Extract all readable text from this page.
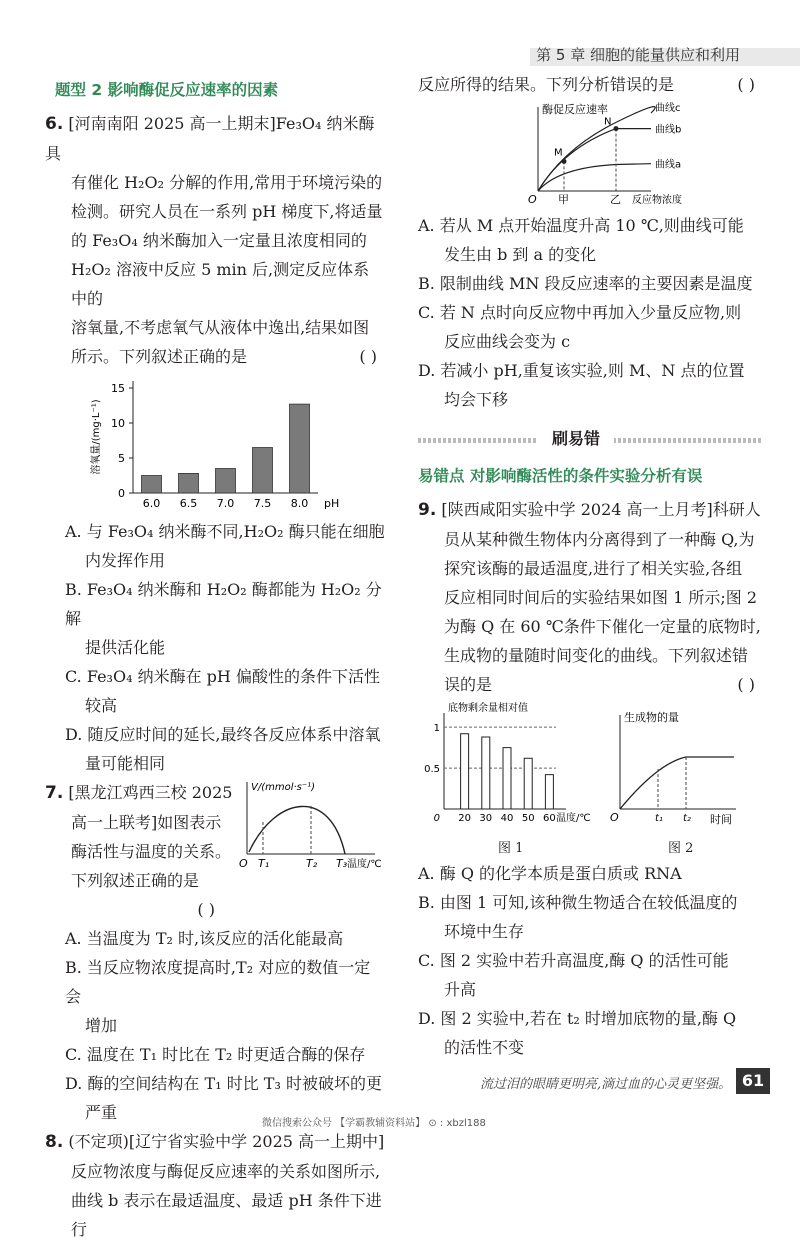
第 5 章 细胞的能量供应和利用
题型 2 影响酶促反应速率的因素

6. [河南南阳 2025 高一上期末]Fe₃O₄ 纳米酶具

有催化 H₂O₂ 分解的作用,常用于环境污染的

检测。研究人员在一系列 pH 梯度下,将适量

的 Fe₃O₄ 纳米酶加入一定量且浓度相同的

H₂O₂ 溶液中反应 5 min 后,测定反应体系中的

溶氧量,不考虑氧气从液体中逸出,结果如图

所示。下列叙述正确的是	( )

0
5
10
15
溶氧量/(mg·L⁻¹)
6.0 6.5 7.0 7.5 8.0 pH

A. 与 Fe₃O₄ 纳米酶不同,H₂O₂ 酶只能在细胞

内发挥作用

B. Fe₃O₄ 纳米酶和 H₂O₂ 酶都能为 H₂O₂ 分解

提供活化能

C. Fe₃O₄ 纳米酶在 pH 偏酸性的条件下活性

较高

D. 随反应时间的延长,最终各反应体系中溶氧

量可能相同

7. [黑龙江鸡西三校 2025

高一上联考]如图表示

酶活性与温度的关系。

下列叙述正确的是

( )

V/(mmol·s⁻¹)
O T₁	T₂ T₃ 温度/℃

A. 当温度为 T₂ 时,该反应的活化能最高

B. 当反应物浓度提高时,T₂ 对应的数值一定会

增加

C. 温度在 T₁ 时比在 T₂ 时更适合酶的保存

D. 酶的空间结构在 T₁ 时比 T₃ 时被破坏的更

严重

8. (不定项)[辽宁省实验中学 2025 高一上期中]

反应物浓度与酶促反应速率的关系如图所示,

曲线 b 表示在最适温度、最适 pH 条件下进行

反应所得的结果。下列分析错误的是	( )

酶促反应速率	曲线c
曲线b
曲线a
M
N
O 甲	乙 反应物浓度

A. 若从 M 点开始温度升高 10 ℃,则曲线可能

发生由 b 到 a 的变化

B. 限制曲线 MN 段反应速率的主要因素是温度

C. 若 N 点时向反应物中再加入少量反应物,则

反应曲线会变为 c

D. 若减小 pH,重复该实验,则 M、N 点的位置

均会下移

刷易错
易错点 对影响酶活性的条件实验分析有误

9. [陕西咸阳实验中学 2024 高一上月考]科研人

员从某种微生物体内分离得到了一种酶 Q,为

探究该酶的最适温度,进行了相关实验,各组

反应相同时间后的实验结果如图 1 所示;图 2

为酶 Q 在 60 ℃条件下催化一定量的底物时,

生成物的量随时间变化的曲线。下列叙述错

误的是	( )

底物剩余量相对值
0.5
1
0 20 30 40 50 60 温度/℃
生成物的量
O	t₁ t₂ 时间
图 1	图 2

A. 酶 Q 的化学本质是蛋白质或 RNA

B. 由图 1 可知,该种微生物适合在较低温度的

环境中生存

C. 图 2 实验中若升高温度,酶 Q 的活性可能

升高

D. 图 2 实验中,若在 t₂ 时增加底物的量,酶 Q

的活性不变

流过泪的眼睛更明亮,滴过血的心灵更坚强。 61
微信搜索公众号 【学霸教辅资料站】 ⊙ : xbzl188
